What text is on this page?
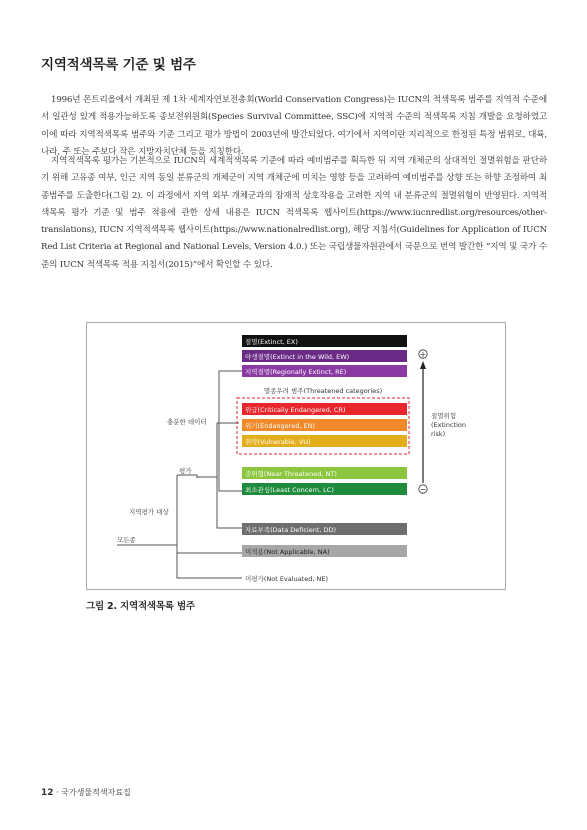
지역적색목록 기준 및 범주

1996년 몬트리올에서 개최된 제 1차 세계자연보전총회(World Conservation Congress)는 IUCN의 적색목록 범주를 지역적 수준에서 일관성 있게 적용가능하도록 종보전위원회(Species Survival Committee, SSC)에 지역적 수준의 적색목록 지침 개발을 요청하였고 이에 따라 지역적색목록 범주와 기준 그리고 평가 방법이 2003년에 발간되었다. 여기에서 지역이란 지리적으로 한정된 특정 범위로, 대륙, 나라, 주 또는 주보다 작은 지방자치단체 등을 지칭한다.

지역적색목록 평가는 기본적으로 IUCN의 세계적색목록 기준에 따라 예비범주를 획득한 뒤 지역 개체군의 상대적인 절멸위험을 판단하기 위해 고유종 여부, 인근 지역 동일 분류군의 개체군이 지역 개체군에 미치는 영향 등을 고려하여 예비범주를 상향 또는 하향 조정하여 최종범주를 도출한다(그림 2). 이 과정에서 지역 외부 개체군과의 잠재적 상호작용을 고려한 지역 내 분류군의 절멸위험이 반영된다. 지역적색목록 평가 기준 및 범주 적용에 관한 상세 내용은 IUCN 적색목록 웹사이트(https://www.iucnredlist.org/resources/other-translations), IUCN 지역적색목록 웹사이트(https://www.nationalredlist.org), 해당 지침서(Guidelines for Application of IUCN Red List Criteria at Regional and National Levels, Version 4.0.) 또는 국립생물자원관에서 국문으로 번역 발간한 “지역 및 국가 수준의 IUCN 적색목록 적용 지침서(2015)”에서 확인할 수 있다.

멸종우려 범주(Threatened categories)
절멸(Extinct, EX)
야생절멸(Extinct in the Wild, EW)
지역절멸(Regionally Extinct, RE)
위급(Critically Endangered, CR)
위기(Endangered, EN)
취약(Vulnerable, VU)
준위협(Near Threatened, NT)
최소관심(Least Concern, LC)
자료부족(Data Deficient, DD)
미적용(Not Applicable, NA)
미평가(Not Evaluated, NE)
충분한 데이터
평가
지역평가 대상
모든종
+
−
절멸위험
(Extinction
risk)
그림 2. 지역적색목록 범주
12 · 국가생물적색자료집
